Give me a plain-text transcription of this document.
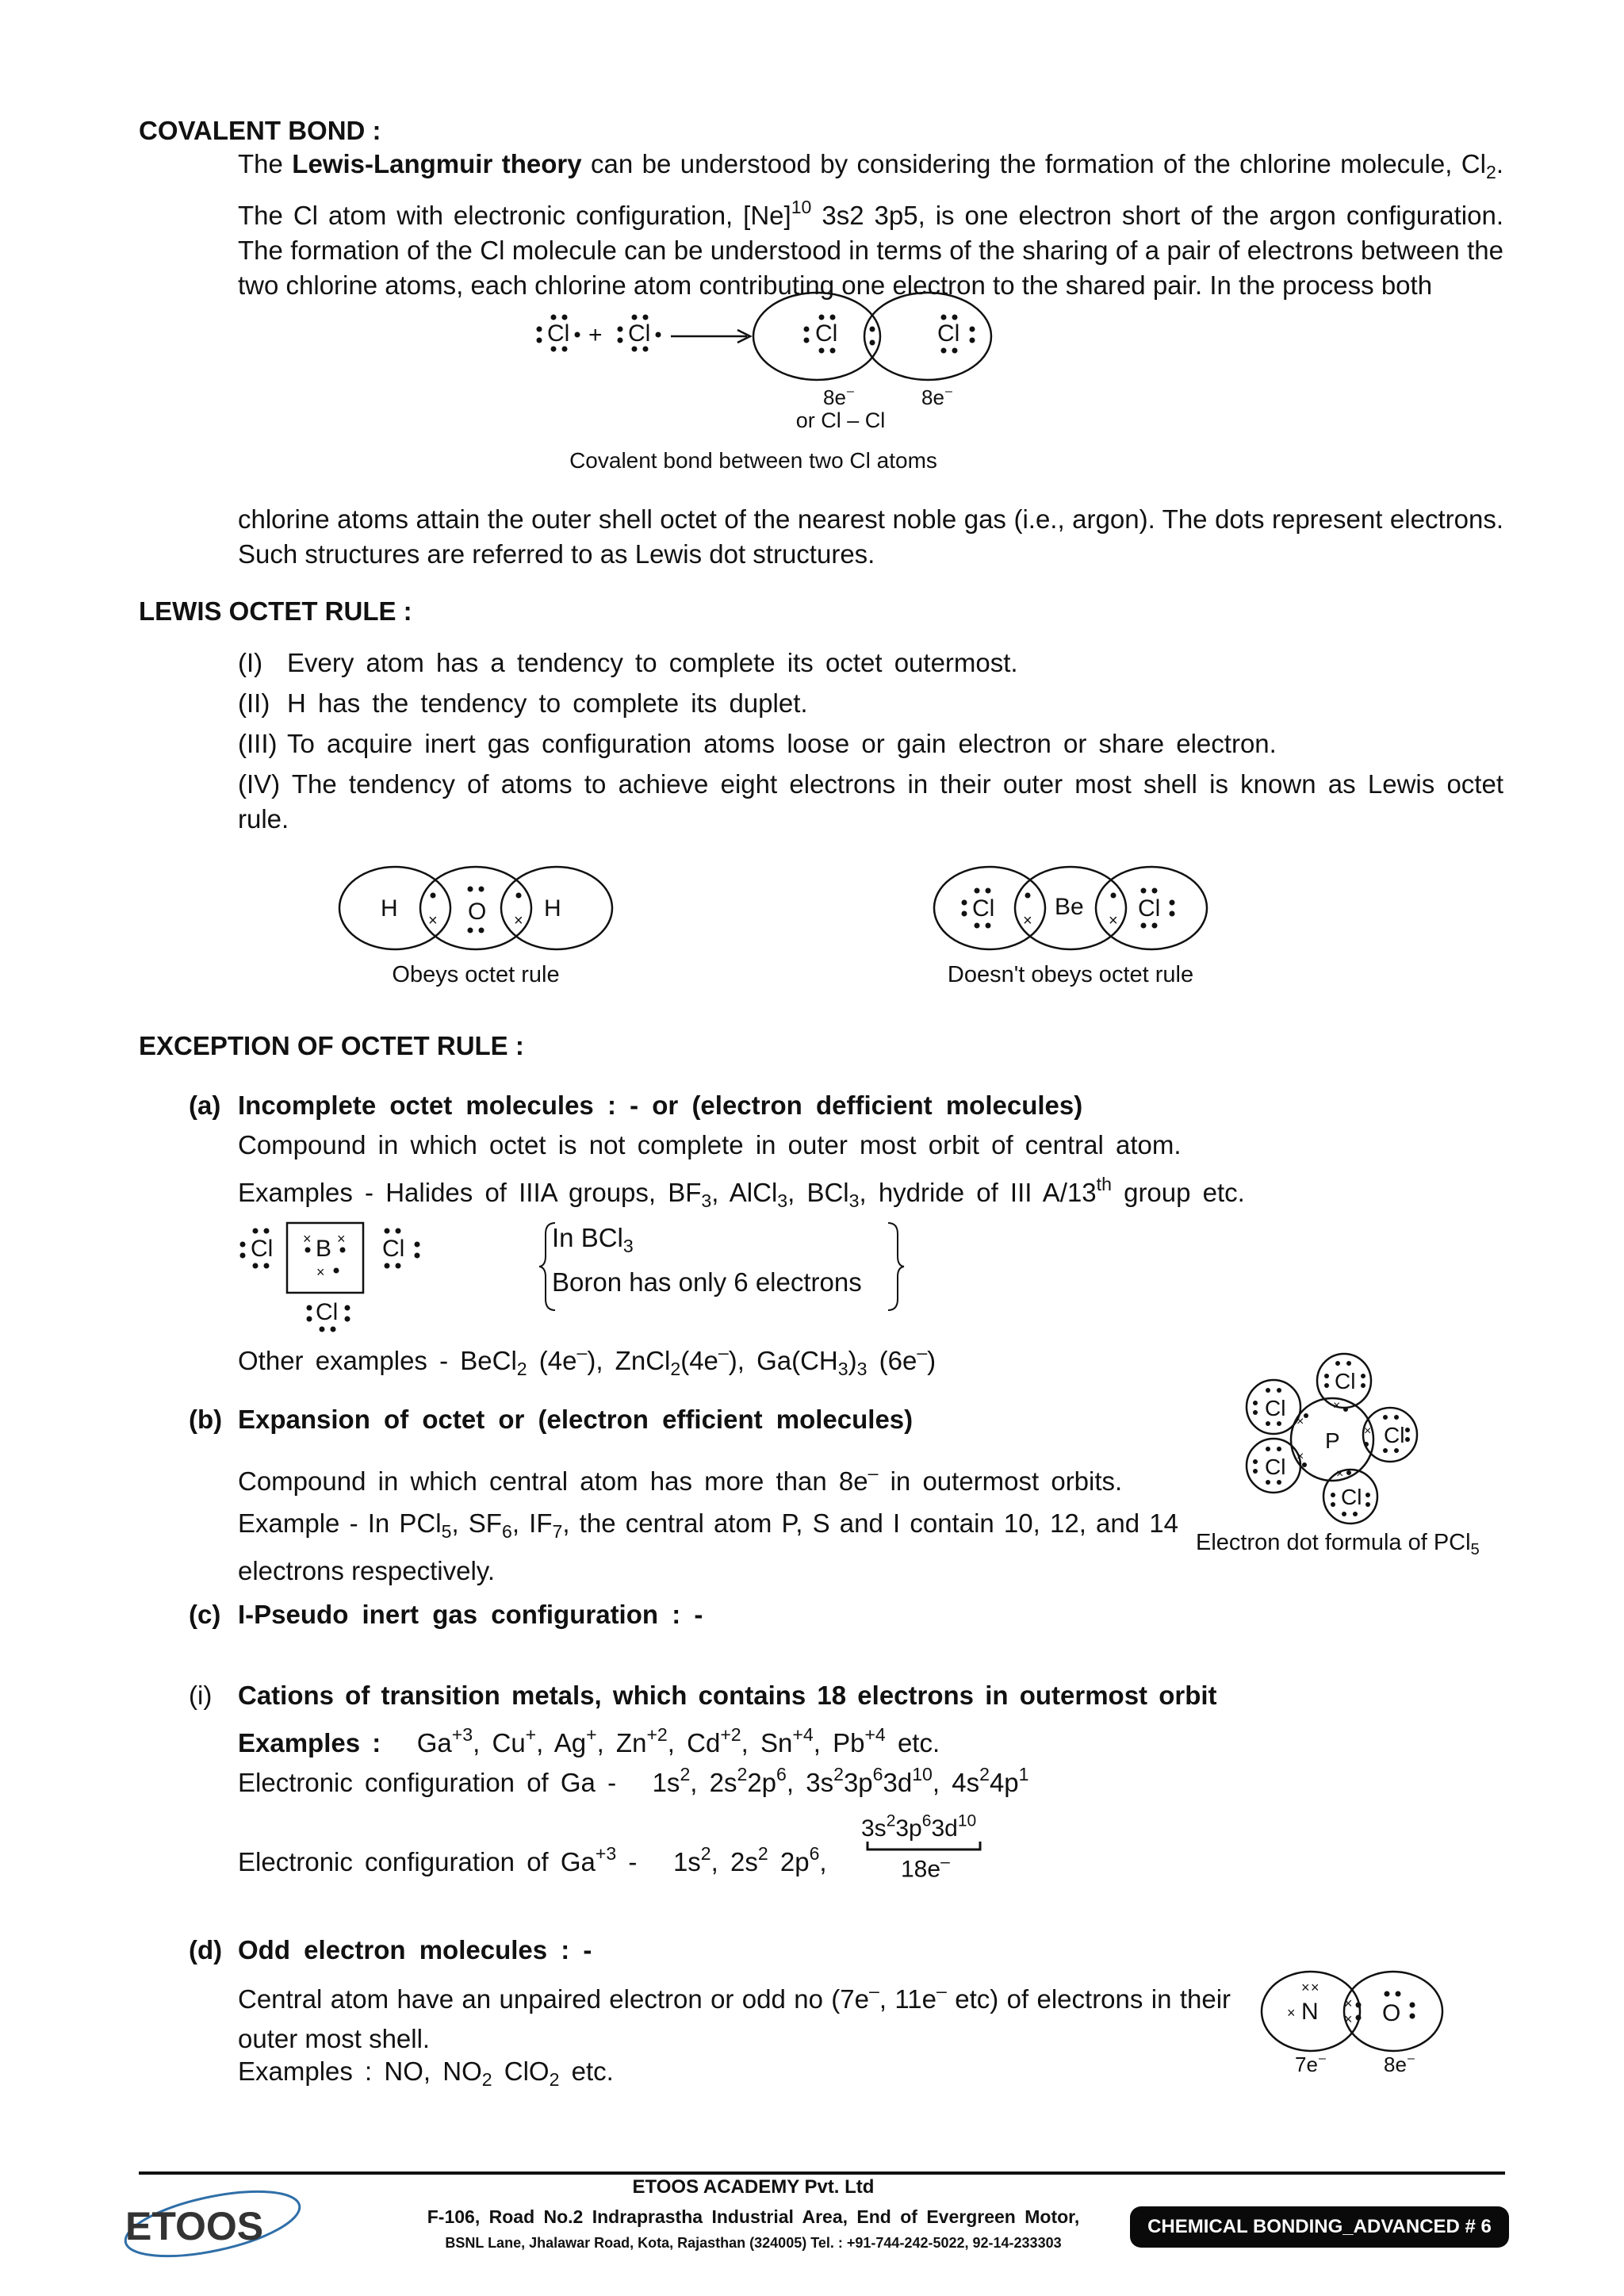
COVALENT BOND :
The Lewis-Langmuir theory can be understood by considering the formation of the chlorine molecule, $Cl_2$. The Cl atom with electronic configuration, $[Ne]^{10}$ 3s2 3p5, is one electron short of the argon configuration. The formation of the Cl molecule can be understood in terms of the sharing of a pair of electrons between the two chlorine atoms, each chlorine atom contributing one electron to the shared pair. In the process both
Cl + Cl	Cl	Cl
8e –	8e –
or Cl – Cl
Covalent bond between two Cl atoms
chlorine atoms attain the outer shell octet of the nearest noble gas (i.e., argon). The dots represent electrons. Such structures are referred to as Lewis dot structures.
LEWIS OCTET RULE :
(I) Every atom has a tendency to complete its octet outermost.
(II) H has the tendency to complete its duplet.
(III) To acquire inert gas configuration atoms loose or gain electron or share electron.
(IV) The tendency of atoms to achieve eight electrons in their outer most shell is known as Lewis octet rule.
H	O H
×	×
Obeys octet rule
Cl ×
Be
× Cl
Doesn't obeys octet rule
EXCEPTION OF OCTET RULE :
(a) Incomplete octet molecules : - or (electron defficient molecules)
Compound in which octet is not complete in outer most orbit of central atom.
Examples - Halides of IIIA groups, $BF_3$, AlCl$_3$, BCl$_3$, hydride of III A/13th group etc.
Cl B
× ×
×
Cl
Cl
In BCl$_3$
Boron has only 6 electrons
Other examples - BeCl$_2$ (4e–), ZnCl$_2$(4e–), $Ga(CH_3)_3$ (6e–)
(b) Expansion of octet or (electron efficient molecules)
Compound in which central atom has more than 8e– in outermost orbits.
Example - In PCl$_5$, $SF_6$, $IF_7$, the central atom P, S and I contain 10, 12, and 14 electrons respectively.
P
Cl
Cl
Cl
Cl
Cl
×
×
×
×
×
Electron dot formula of PCl$_5$
(c) I-Pseudo inert gas configuration : -
(i) Cations of transition metals, which contains 18 electrons in outermost orbit
Examples : $Ga^{+3}$, Cu+, Ag+, $Zn^{+2}$, $Cd^{+2}$, $Sn^{+4}$, $Pb^{+4}$ etc.
Electronic configuration of Ga - $1s^2$, $2s^22p^6$, $3s^23p^63d^{10}$, $4s^24p^1$
Electronic configuration of $Ga^{+3} - 1s^2$, $2s^2$ $2p^6$,
$3s^23p^63d^{10}$
18e–
(d) Odd electron molecules : -
Central atom have an unpaired electron or odd no (7e–, 11e– etc) of electrons in their outer most shell.
Examples : NO, $NO_2$ ClO$_2$ etc.
N	O
× ×
×
×
×
7e –	8e –
ETOOS
ETOOS ACADEMY Pvt. Ltd
F-106, Road No.2 Indraprastha Industrial Area, End of Evergreen Motor,
BSNL Lane, Jhalawar Road, Kota, Rajasthan (324005) Tel. : +91-744-242-5022, 92-14-233303
CHEMICAL BONDING_ADVANCED # 6
